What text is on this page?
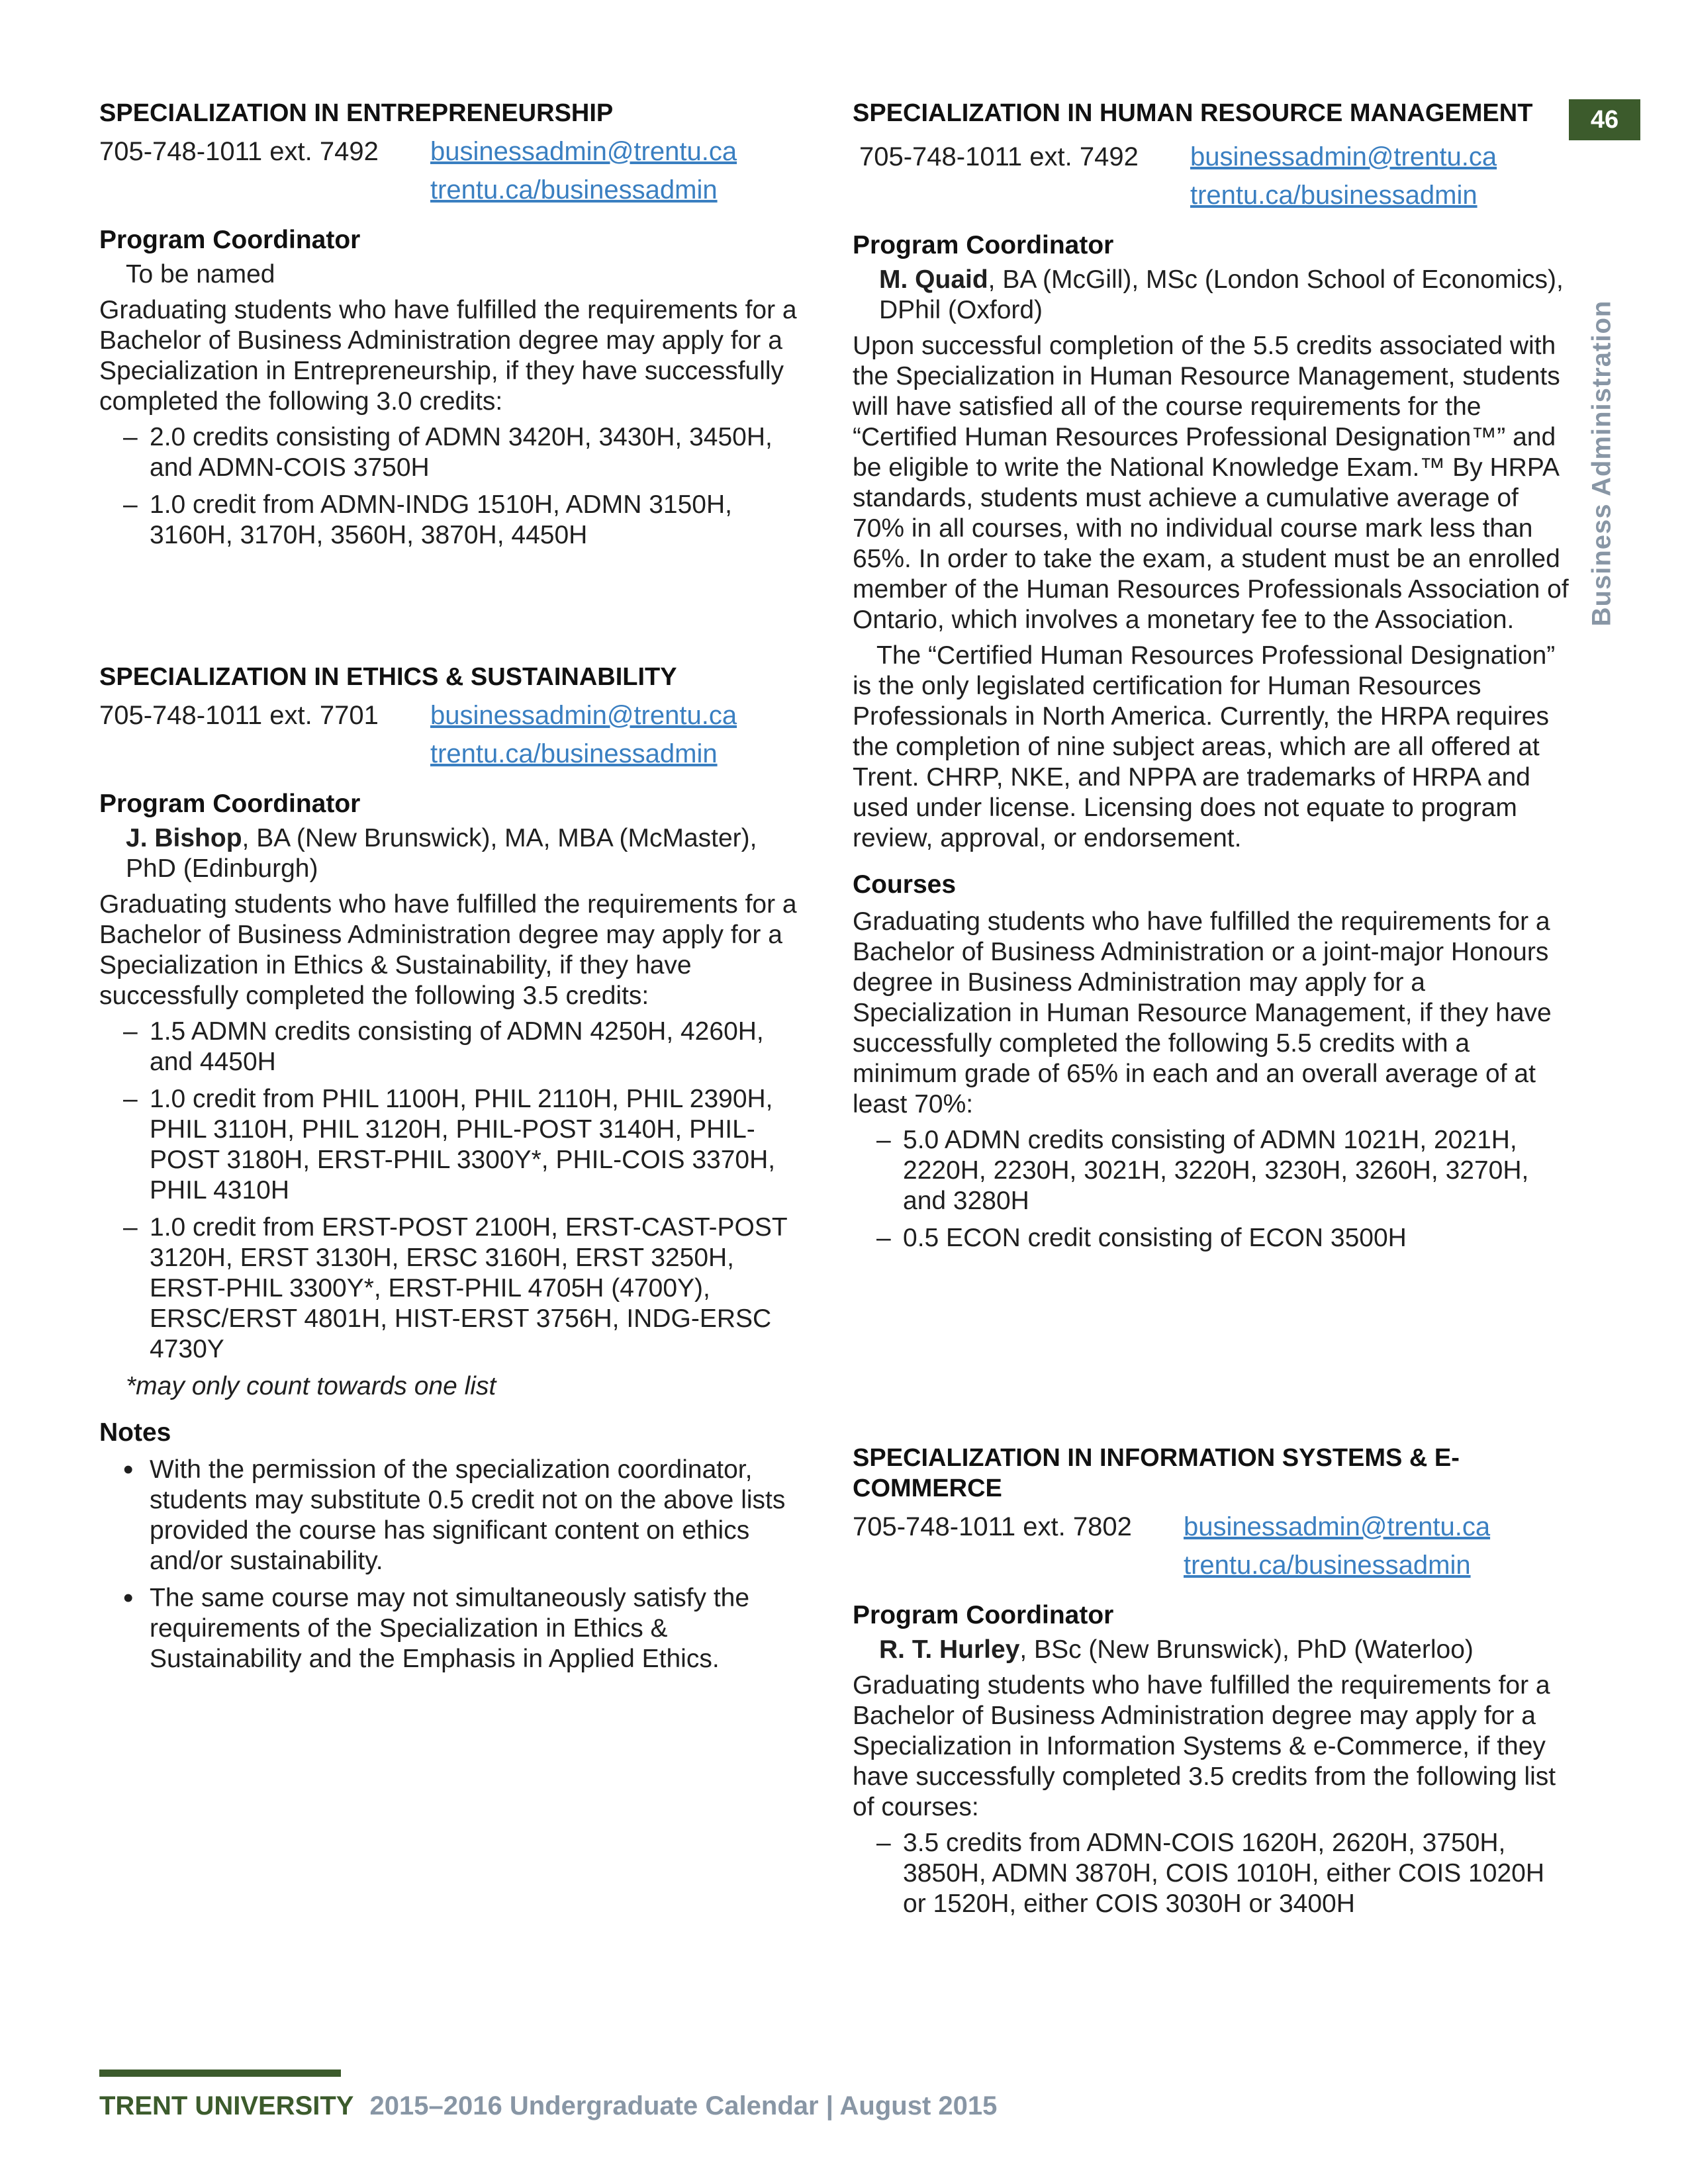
46
Business Administration
SPECIALIZATION IN ENTREPRENEURSHIP
705-748-1011 ext. 7492 businessadmin@trentu.ca
trentu.ca/businessadmin
Program Coordinator
To be named
Graduating students who have fulfilled the requirements for a Bachelor of Business Administration degree may apply for a Specialization in Entrepreneurship, if they have successfully completed the following 3.0 credits:
– 2.0 credits consisting of ADMN 3420H, 3430H, 3450H, and ADMN-COIS 3750H
– 1.0 credit from ADMN-INDG 1510H, ADMN 3150H, 3160H, 3170H, 3560H, 3870H, 4450H
SPECIALIZATION IN ETHICS & SUSTAINABILITY
705-748-1011 ext. 7701 businessadmin@trentu.ca
trentu.ca/businessadmin
Program Coordinator
J. Bishop, BA (New Brunswick), MA, MBA (McMaster), PhD (Edinburgh)
Graduating students who have fulfilled the requirements for a Bachelor of Business Administration degree may apply for a Specialization in Ethics & Sustainability, if they have successfully completed the following 3.5 credits:
– 1.5 ADMN credits consisting of ADMN 4250H, 4260H, and 4450H
– 1.0 credit from PHIL 1100H, PHIL 2110H, PHIL 2390H, PHIL 3110H, PHIL 3120H, PHIL-POST 3140H, PHIL-POST 3180H, ERST-PHIL 3300Y*, PHIL-COIS 3370H, PHIL 4310H
– 1.0 credit from ERST-POST 2100H, ERST-CAST-POST 3120H, ERST 3130H, ERSC 3160H, ERST 3250H, ERST-PHIL 3300Y*, ERST-PHIL 4705H (4700Y), ERSC/ERST 4801H, HIST-ERST 3756H, INDG-ERSC 4730Y
*may only count towards one list
Notes
• With the permission of the specialization coordinator, students may substitute 0.5 credit not on the above lists provided the course has significant content on ethics and/or sustainability.
• The same course may not simultaneously satisfy the requirements of the Specialization in Ethics & Sustainability and the Emphasis in Applied Ethics.
SPECIALIZATION IN HUMAN RESOURCE MANAGEMENT
705-748-1011 ext. 7492 businessadmin@trentu.ca
trentu.ca/businessadmin
Program Coordinator
M. Quaid, BA (McGill), MSc (London School of Economics), DPhil (Oxford)
Upon successful completion of the 5.5 credits associated with the Specialization in Human Resource Management, students will have satisfied all of the course requirements for the “Certified Human Resources Professional Designation™” and be eligible to write the National Knowledge Exam.™ By HRPA standards, students must achieve a cumulative average of 70% in all courses, with no individual course mark less than 65%. In order to take the exam, a student must be an enrolled member of the Human Resources Professionals Association of Ontario, which involves a monetary fee to the Association.
The “Certified Human Resources Professional Designation” is the only legislated certification for Human Resources Professionals in North America. Currently, the HRPA requires the completion of nine subject areas, which are all offered at Trent. CHRP, NKE, and NPPA are trademarks of HRPA and used under license. Licensing does not equate to program review, approval, or endorsement.
Courses
Graduating students who have fulfilled the requirements for a Bachelor of Business Administration or a joint-major Honours degree in Business Administration may apply for a Specialization in Human Resource Management, if they have successfully completed the following 5.5 credits with a minimum grade of 65% in each and an overall average of at least 70%:
– 5.0 ADMN credits consisting of ADMN 1021H, 2021H, 2220H, 2230H, 3021H, 3220H, 3230H, 3260H, 3270H, and 3280H
– 0.5 ECON credit consisting of ECON 3500H
SPECIALIZATION IN INFORMATION SYSTEMS & E-COMMERCE
705-748-1011 ext. 7802 businessadmin@trentu.ca
trentu.ca/businessadmin
Program Coordinator
R. T. Hurley, BSc (New Brunswick), PhD (Waterloo)
Graduating students who have fulfilled the requirements for a Bachelor of Business Administration degree may apply for a Specialization in Information Systems & e-Commerce, if they have successfully completed 3.5 credits from the following list of courses:
– 3.5 credits from ADMN-COIS 1620H, 2620H, 3750H, 3850H, ADMN 3870H, COIS 1010H, either COIS 1020H or 1520H, either COIS 3030H or 3400H
TRENT UNIVERSITY 2015–2016 Undergraduate Calendar | August 2015
